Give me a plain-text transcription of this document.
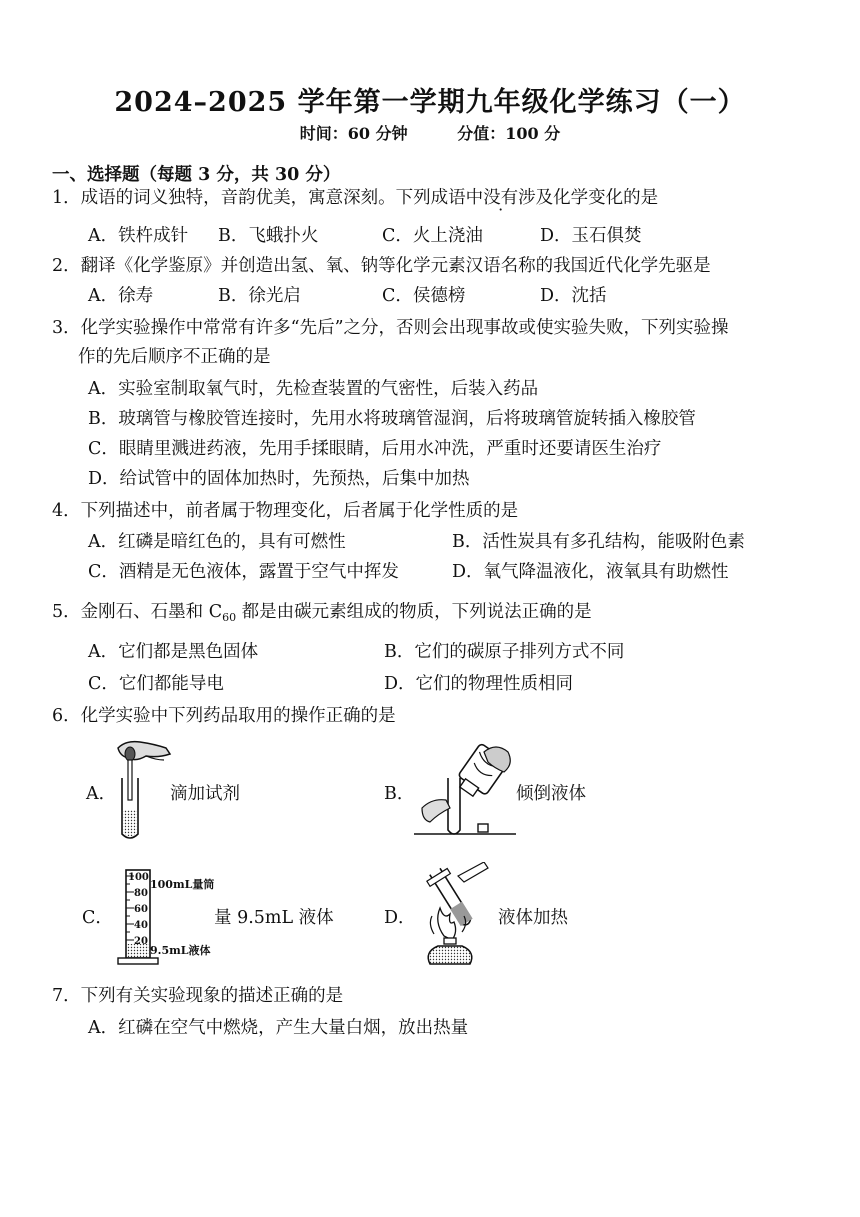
2024–2025 学年第一学期九年级化学练习（一）
时间：60 分钟	分值：100 分
一、选择题（每题 3 分，共 30 分）
1．成语的词义独特，音韵优美，寓意深刻。下列成语中没有涉及化学变化的是
A．铁杵成针 B．飞蛾扑火	C．火上浇油	D．玉石俱焚
2．翻译《化学鉴原》并创造出氢、氧、钠等化学元素汉语名称的我国近代化学先驱是
A．徐寿	B．徐光启	C．侯德榜	D．沈括
3．化学实验操作中常常有许多“先后”之分，否则会出现事故或使实验失败，下列实验操
作的先后顺序不正确的是
A．实验室制取氧气时，先检查装置的气密性，后装入药品
B．玻璃管与橡胶管连接时，先用水将玻璃管湿润，后将玻璃管旋转插入橡胶管
C．眼睛里溅进药液，先用手揉眼睛，后用水冲洗，严重时还要请医生治疗
D．给试管中的固体加热时，先预热，后集中加热
4．下列描述中，前者属于物理变化，后者属于化学性质的是
A．红磷是暗红色的，具有可燃性	B．活性炭具有多孔结构，能吸附色素
C．酒精是无色液体，露置于空气中挥发	D．氧气降温液化，液氧具有助燃性
5．金刚石、石墨和 $C_{60}$ 都是由碳元素组成的物质，下列说法正确的是
A．它们都是黑色固体	B．它们的碳原子排列方式不同
C．它们都能导电	D．它们的物理性质相同
6．化学实验中下列药品取用的操作正确的是
A．	滴加试剂	B．	倾倒液体
C．
100
80
60
40
20
100mL量筒
9.5mL液体
量 9.5mL 液体	D．	液体加热
7．下列有关实验现象的描述正确的是
A．红磷在空气中燃烧，产生大量白烟，放出热量
